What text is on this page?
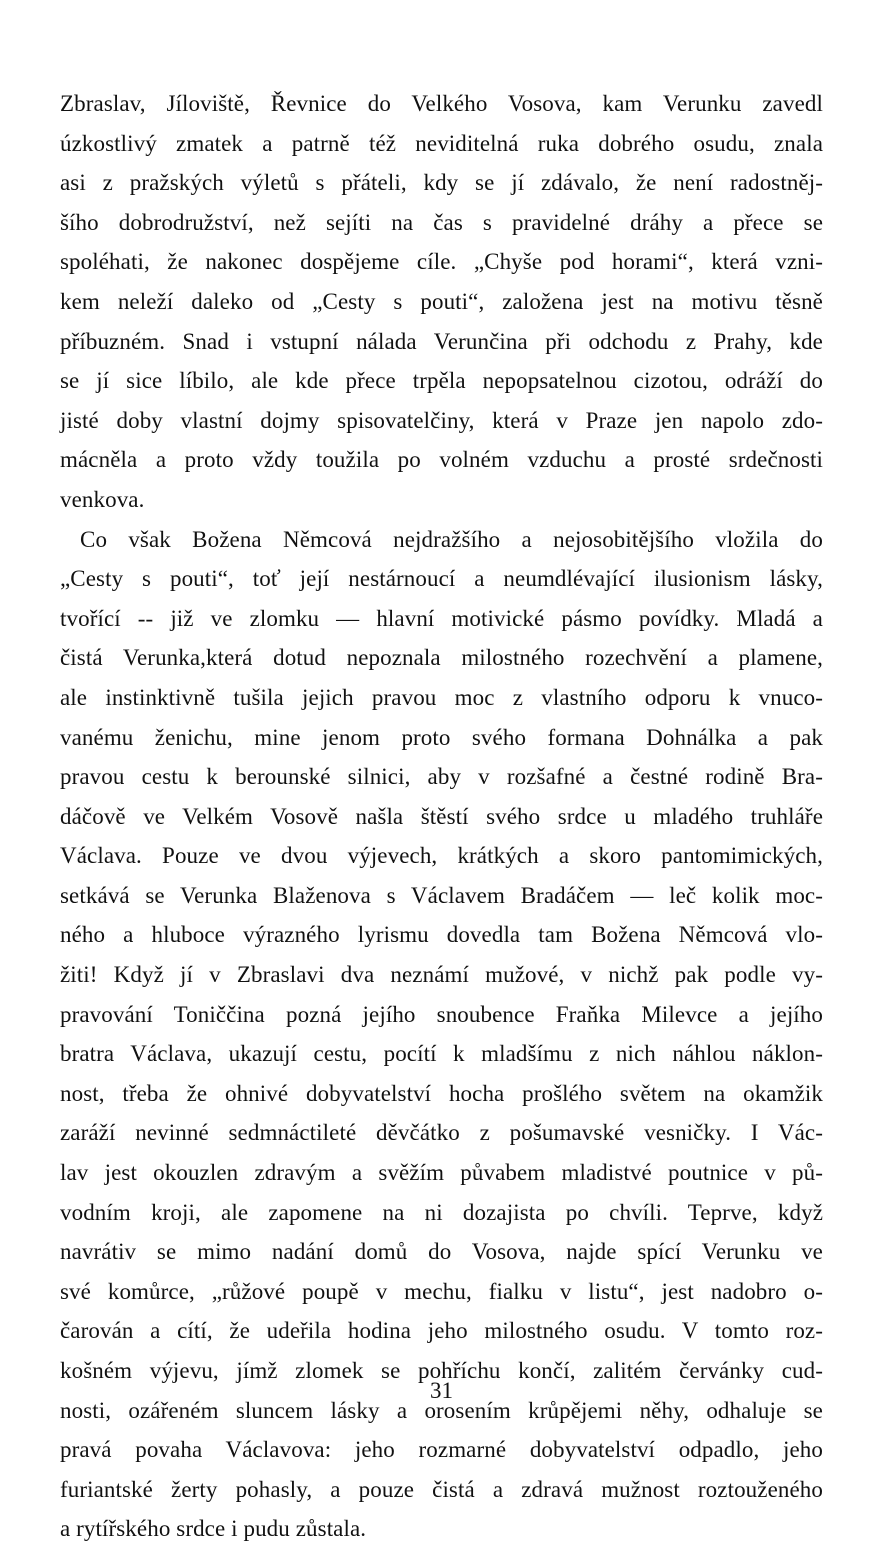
Zbraslav, Jíloviště, Řevnice do Velkého Vosova, kam Verunku zavedl
úzkostlivý zmatek a patrně též neviditelná ruka dobrého osudu, znala
asi z pražských výletů s přáteli, kdy se jí zdávalo, že není radostněj-
šího dobrodružství, než sejíti na čas s pravidelné dráhy a přece se
spoléhati, že nakonec dospějeme cíle. „Chyše pod horami“, která vzni-
kem neleží daleko od „Cesty s pouti“, založena jest na motivu těsně
příbuzném. Snad i vstupní nálada Verunčina při odchodu z Prahy, kde
se jí sice líbilo, ale kde přece trpěla nepopsatelnou cizotou, odráží do
jisté doby vlastní dojmy spisovatelčiny, která v Praze jen napolo zdo-
mácněla a proto vždy toužila po volném vzduchu a prosté srdečnosti
venkova.
Co však Božena Němcová nejdražšího a nejosobitějšího vložila do
„Cesty s pouti“, toť její nestárnoucí a neumdlévající ilusionism lásky,
tvořící -- již ve zlomku — hlavní motivické pásmo povídky. Mladá a
čistá Verunka,která dotud nepoznala milostného rozechvění a plamene,
ale instinktivně tušila jejich pravou moc z vlastního odporu k vnuco-
vanému ženichu, mine jenom proto svého formana Dohnálka a pak
pravou cestu k berounské silnici, aby v rozšafné a čestné rodině Bra-
dáčově ve Velkém Vosově našla štěstí svého srdce u mladého truhláře
Václava. Pouze ve dvou výjevech, krátkých a skoro pantomimických,
setkává se Verunka Blaženova s Václavem Bradáčem — leč kolik moc-
ného a hluboce výrazného lyrismu dovedla tam Božena Němcová vlo-
žiti! Když jí v Zbraslavi dva neznámí mužové, v nichž pak podle vy-
pravování Toniččina pozná jejího snoubence Fraňka Milevce a jejího
bratra Václava, ukazují cestu, pocítí k mladšímu z nich náhlou náklon-
nost, třeba že ohnivé dobyvatelství hocha prošlého světem na okamžik
zaráží nevinné sedmnáctileté děvčátko z pošumavské vesničky. I Vác-
lav jest okouzlen zdravým a svěžím půvabem mladistvé poutnice v pů-
vodním kroji, ale zapomene na ni dozajista po chvíli. Teprve, když
navrátiv se mimo nadání domů do Vosova, najde spící Verunku ve
své komůrce, „růžové poupě v mechu, fialku v listu“, jest nadobro o-
čarován a cítí, že udeřila hodina jeho milostného osudu. V tomto roz-
košném výjevu, jímž zlomek se pohříchu končí, zalitém červánky cud-
nosti, ozářeném sluncem lásky a orosením krůpějemi něhy, odhaluje se
pravá povaha Václavova: jeho rozmarné dobyvatelství odpadlo, jeho
furiantské žerty pohasly, a pouze čistá a zdravá mužnost roztouženého
a rytířského srdce i pudu zůstala.
31
